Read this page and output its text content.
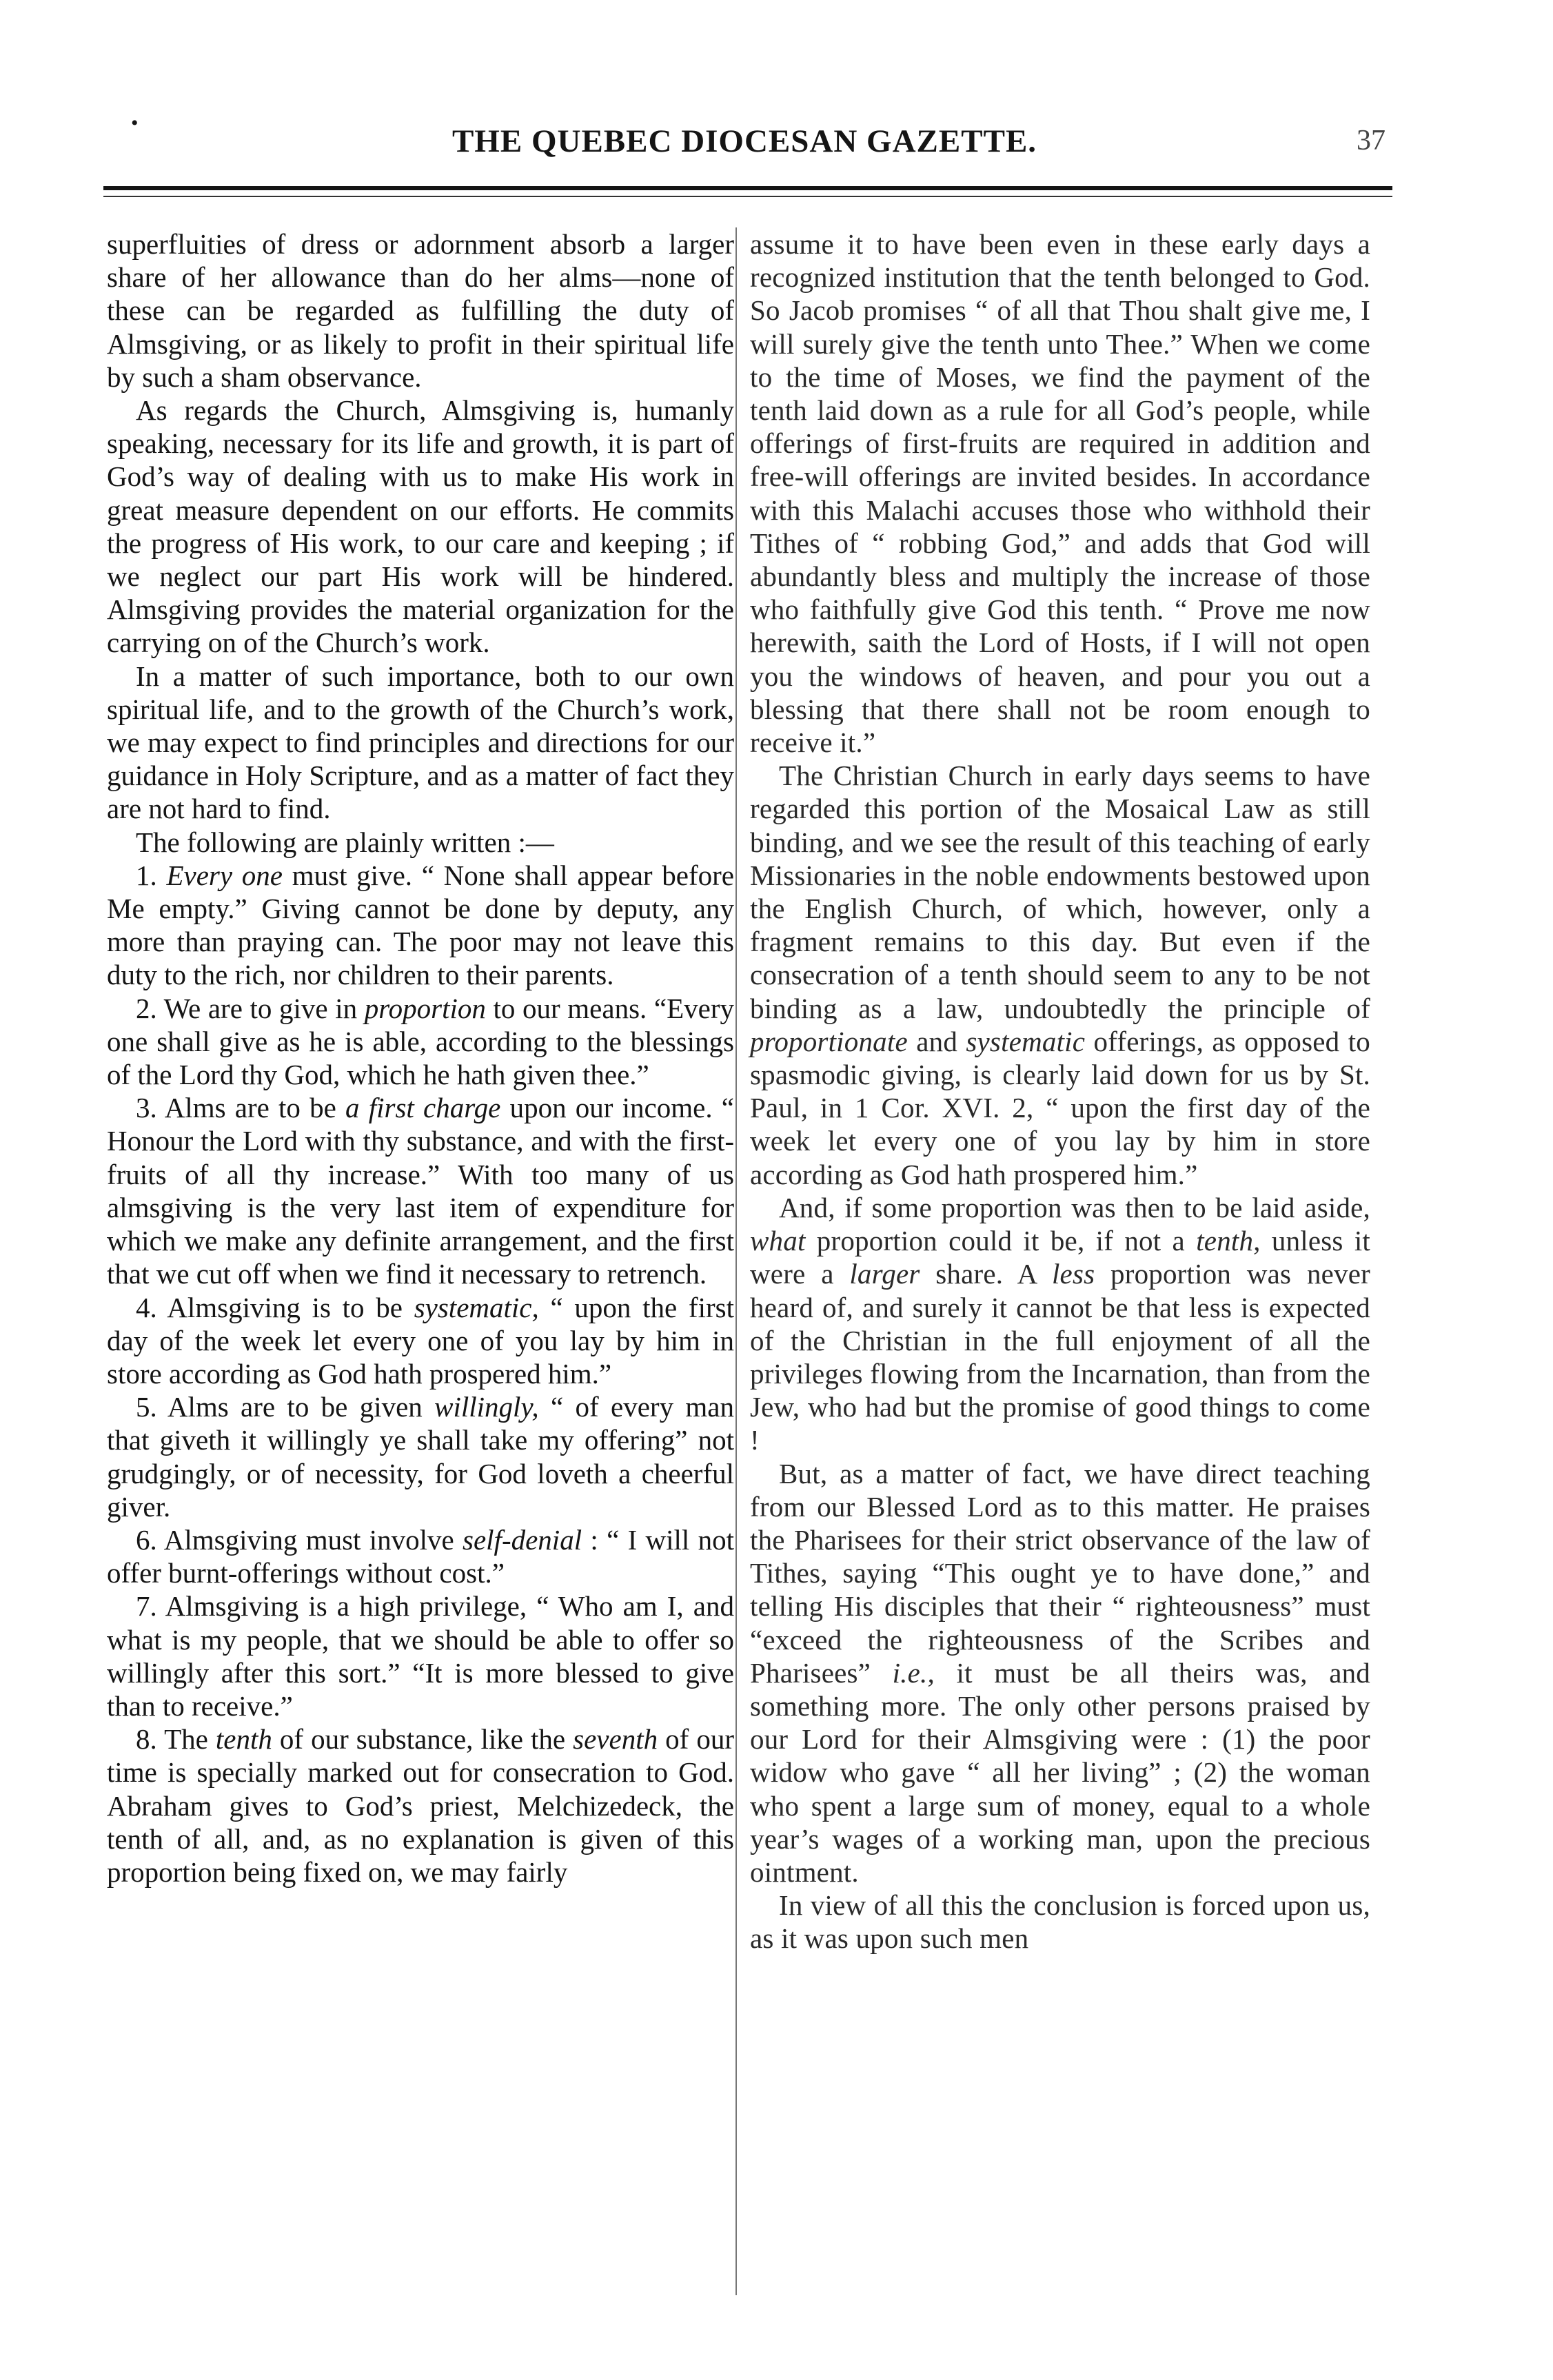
•
THE QUEBEC DIOCESAN GAZETTE.	37

superfluities of dress or adornment absorb a larger share of her allowance than do her alms—none of these can be regarded as fulfilling the duty of Almsgiving, or as likely to profit in their spiritual life by such a sham observance.

As regards the Church, Almsgiving is, humanly speaking, necessary for its life and growth, it is part of God’s way of dealing with us to make His work in great measure dependent on our efforts. He commits the progress of His work, to our care and keeping ; if we neglect our part His work will be hindered. Almsgiving provides the material organization for the carrying on of the Church’s work.

In a matter of such importance, both to our own spiritual life, and to the growth of the Church’s work, we may expect to find principles and directions for our guidance in Holy Scripture, and as a matter of fact they are not hard to find.

The following are plainly written :—

1. Every one must give. “ None shall appear before Me empty.” Giving cannot be done by deputy, any more than praying can. The poor may not leave this duty to the rich, nor children to their parents.

2. We are to give in proportion to our means. “Every one shall give as he is able, according to the blessings of the Lord thy God, which he hath given thee.”

3. Alms are to be a first charge upon our income. “ Honour the Lord with thy substance, and with the first-fruits of all thy increase.” With too many of us almsgiving is the very last item of expenditure for which we make any definite arrangement, and the first that we cut off when we find it necessary to retrench.

4. Almsgiving is to be systematic, “ upon the first day of the week let every one of you lay by him in store according as God hath prospered him.”

5. Alms are to be given willingly, “ of every man that giveth it willingly ye shall take my offering” not grudgingly, or of necessity, for God loveth a cheerful giver.

6. Almsgiving must involve self-denial : “ I will not offer burnt-offerings without cost.”

7. Almsgiving is a high privilege, “ Who am I, and what is my people, that we should be able to offer so willingly after this sort.” “It is more blessed to give than to receive.”

8. The tenth of our substance, like the seventh of our time is specially marked out for consecration to God. Abraham gives to God’s priest, Melchizedeck, the tenth of all, and, as no explanation is given of this proportion being fixed on, we may fairly

assume it to have been even in these early days a recognized institution that the tenth belonged to God. So Jacob promises “ of all that Thou shalt give me, I will surely give the tenth unto Thee.” When we come to the time of Moses, we find the payment of the tenth laid down as a rule for all God’s people, while offerings of first-fruits are required in addition and free-will offerings are invited besides. In accordance with this Malachi accuses those who withhold their Tithes of “ robbing God,” and adds that God will abundantly bless and multiply the increase of those who faithfully give God this tenth. “ Prove me now herewith, saith the Lord of Hosts, if I will not open you the windows of heaven, and pour you out a blessing that there shall not be room enough to receive it.”

The Christian Church in early days seems to have regarded this portion of the Mosaical Law as still binding, and we see the result of this teaching of early Missionaries in the noble endowments bestowed upon the English Church, of which, however, only a fragment remains to this day. But even if the consecration of a tenth should seem to any to be not binding as a law, undoubtedly the principle of proportionate and systematic offerings, as opposed to spasmodic giving, is clearly laid down for us by St. Paul, in 1 Cor. XVI. 2, “ upon the first day of the week let every one of you lay by him in store according as God hath prospered him.”

And, if some proportion was then to be laid aside, what proportion could it be, if not a tenth, unless it were a larger share. A less proportion was never heard of, and surely it cannot be that less is expected of the Christian in the full enjoyment of all the privileges flowing from the Incarnation, than from the Jew, who had but the promise of good things to come !

But, as a matter of fact, we have direct teaching from our Blessed Lord as to this matter. He praises the Pharisees for their strict observance of the law of Tithes, saying “This ought ye to have done,” and telling His disciples that their “ righteousness” must “exceed the righteousness of the Scribes and Pharisees” i.e., it must be all theirs was, and something more. The only other persons praised by our Lord for their Almsgiving were : (1) the poor widow who gave “ all her living” ; (2) the woman who spent a large sum of money, equal to a whole year’s wages of a working man, upon the precious ointment.

In view of all this the conclusion is forced upon us, as it was upon such men
